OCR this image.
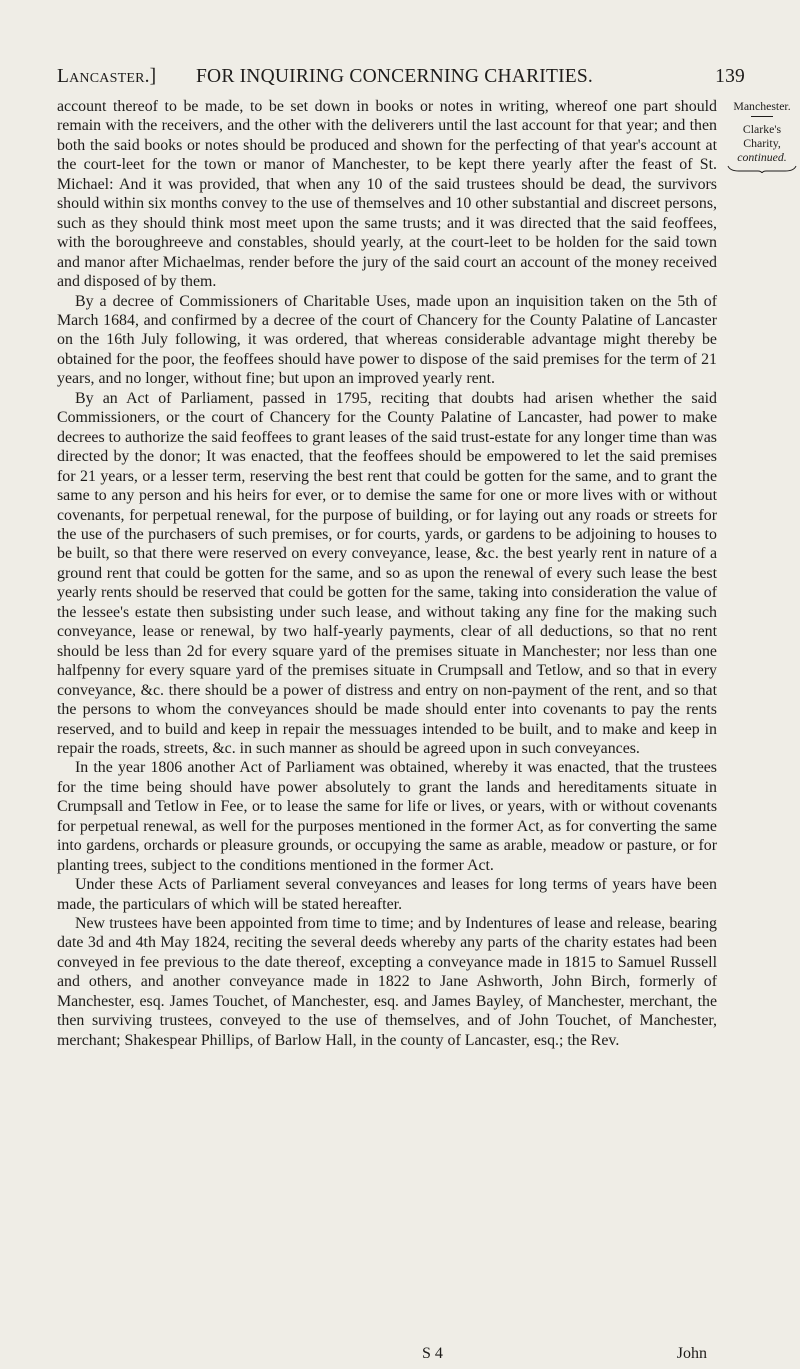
Lancaster.] FOR INQUIRING CONCERNING CHARITIES.	139
Manchester.
Clarke's Charity,
continued.

account thereof to be made, to be set down in books or notes in writing, whereof one part should remain with the receivers, and the other with the deliverers until the last account for that year; and then both the said books or notes should be produced and shown for the perfecting of that year's account at the court-leet for the town or manor of Manchester, to be kept there yearly after the feast of St. Michael: And it was provided, that when any 10 of the said trustees should be dead, the survivors should within six months convey to the use of themselves and 10 other substantial and discreet persons, such as they should think most meet upon the same trusts; and it was directed that the said feoffees, with the boroughreeve and constables, should yearly, at the court-leet to be holden for the said town and manor after Michaelmas, render before the jury of the said court an account of the money received and disposed of by them.

By a decree of Commissioners of Charitable Uses, made upon an inquisition taken on the 5th of March 1684, and confirmed by a decree of the court of Chancery for the County Palatine of Lancaster on the 16th July following, it was ordered, that whereas considerable advantage might thereby be obtained for the poor, the feoffees should have power to dispose of the said premises for the term of 21 years, and no longer, without fine; but upon an improved yearly rent.

By an Act of Parliament, passed in 1795, reciting that doubts had arisen whether the said Commissioners, or the court of Chancery for the County Palatine of Lancaster, had power to make decrees to authorize the said feoffees to grant leases of the said trust-estate for any longer time than was directed by the donor; It was enacted, that the feoffees should be empowered to let the said premises for 21 years, or a lesser term, reserving the best rent that could be gotten for the same, and to grant the same to any person and his heirs for ever, or to demise the same for one or more lives with or without covenants, for perpetual renewal, for the purpose of building, or for laying out any roads or streets for the use of the purchasers of such premises, or for courts, yards, or gardens to be adjoining to houses to be built, so that there were reserved on every conveyance, lease, &c. the best yearly rent in nature of a ground rent that could be gotten for the same, and so as upon the renewal of every such lease the best yearly rents should be reserved that could be gotten for the same, taking into consideration the value of the lessee's estate then subsisting under such lease, and without taking any fine for the making such conveyance, lease or renewal, by two half-yearly payments, clear of all deductions, so that no rent should be less than 2d for every square yard of the premises situate in Manchester; nor less than one halfpenny for every square yard of the premises situate in Crumpsall and Tetlow, and so that in every conveyance, &c. there should be a power of distress and entry on non-payment of the rent, and so that the persons to whom the conveyances should be made should enter into covenants to pay the rents reserved, and to build and keep in repair the messuages intended to be built, and to make and keep in repair the roads, streets, &c. in such manner as should be agreed upon in such conveyances.

In the year 1806 another Act of Parliament was obtained, whereby it was enacted, that the trustees for the time being should have power absolutely to grant the lands and hereditaments situate in Crumpsall and Tetlow in Fee, or to lease the same for life or lives, or years, with or without covenants for perpetual renewal, as well for the purposes mentioned in the former Act, as for converting the same into gardens, orchards or pleasure grounds, or occupying the same as arable, meadow or pasture, or for planting trees, subject to the conditions mentioned in the former Act.

Under these Acts of Parliament several conveyances and leases for long terms of years have been made, the particulars of which will be stated hereafter.

New trustees have been appointed from time to time; and by Indentures of lease and release, bearing date 3d and 4th May 1824, reciting the several deeds whereby any parts of the charity estates had been conveyed in fee previous to the date thereof, excepting a conveyance made in 1815 to Samuel Russell and others, and another conveyance made in 1822 to Jane Ashworth, John Birch, formerly of Manchester, esq. James Touchet, of Manchester, esq. and James Bayley, of Manchester, merchant, the then surviving trustees, conveyed to the use of themselves, and of John Touchet, of Manchester, merchant; Shakespear Phillips, of Barlow Hall, in the county of Lancaster, esq.; the Rev.

S 4	John
